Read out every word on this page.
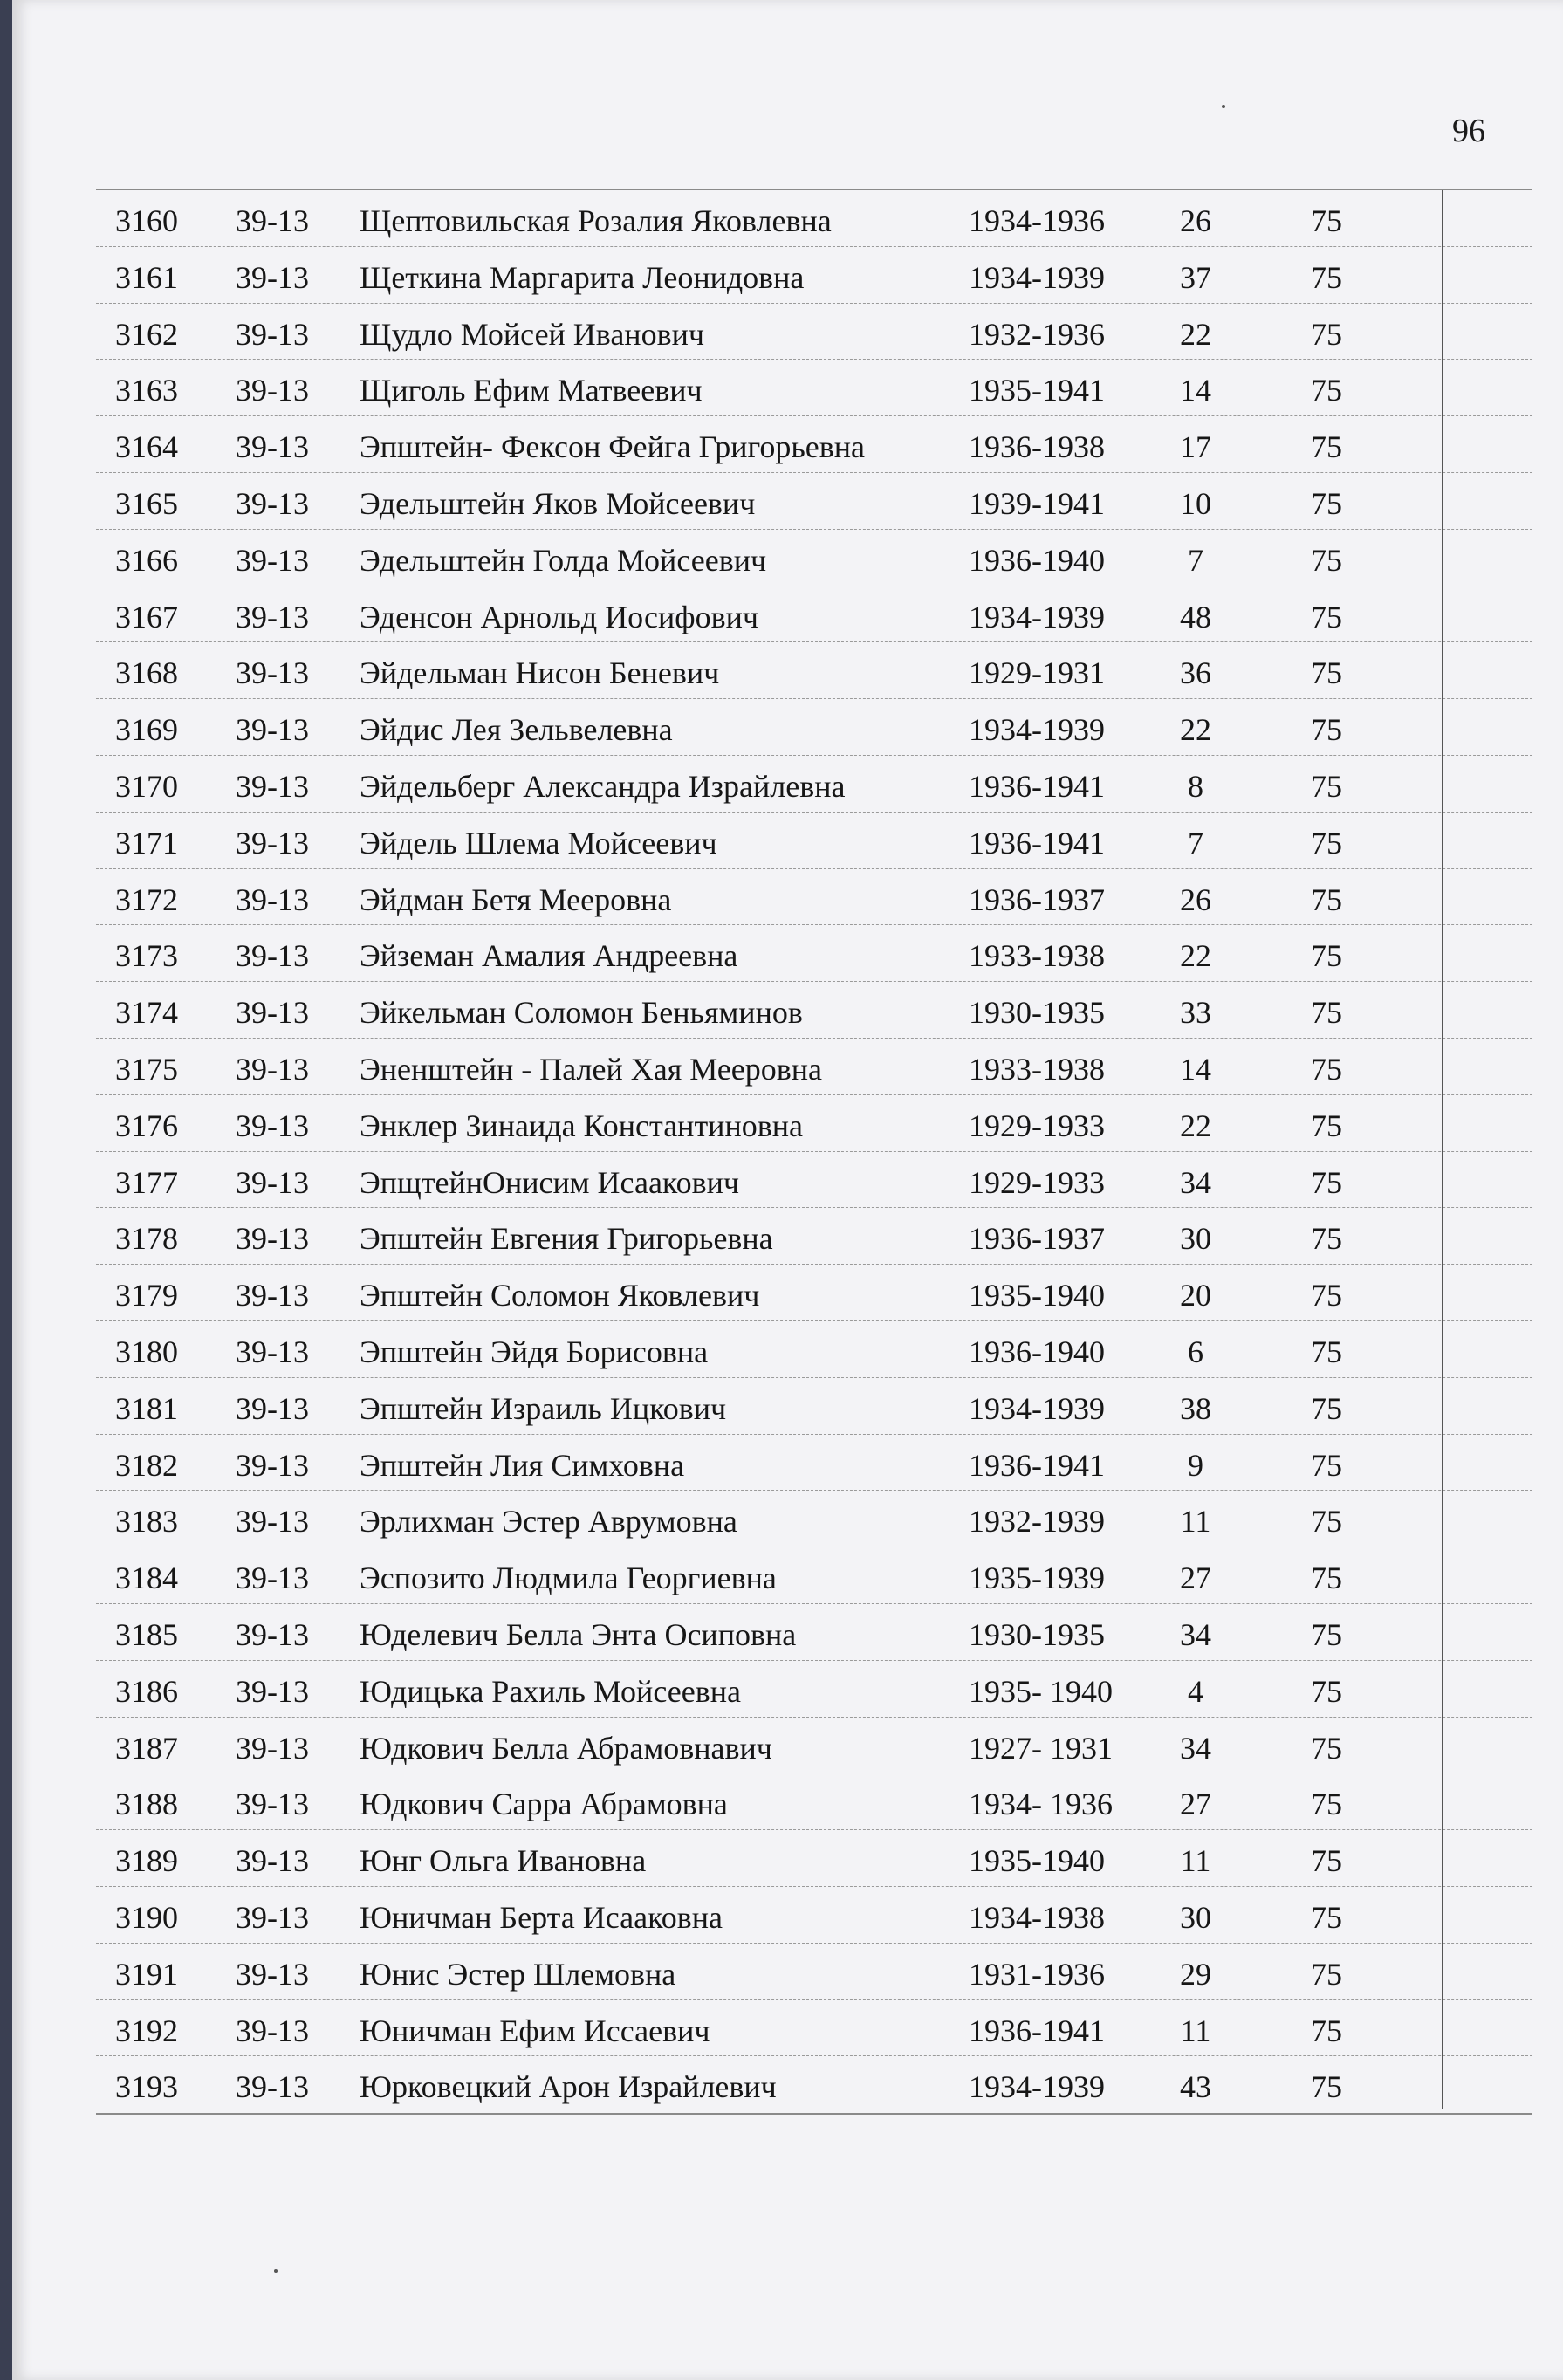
96
3160 39-13 Щептовильская Розалия Яковлевна	1934-1936	26	75
3161 39-13 Щеткина Маргарита Леонидовна	1934-1939	37	75
3162 39-13 Щудло Мойсей Иванович	1932-1936	22	75
3163 39-13 Щиголь Ефим Матвеевич	1935-1941	14	75
3164 39-13 Эпштейн- Фексон Фейга Григорьевна	1936-1938	17	75
3165 39-13 Эдельштейн Яков Мойсеевич	1939-1941	10	75
3166 39-13 Эдельштейн Голда Мойсеевич	1936-1940	7	75
3167 39-13 Эденсон Арнольд Иосифович	1934-1939	48	75
3168 39-13 Эйдельман Нисон Беневич	1929-1931	36	75
3169 39-13 Эйдис Лея Зельвелевна	1934-1939	22	75
3170 39-13 Эйдельберг Александра Израйлевна	1936-1941	8	75
3171 39-13 Эйдель Шлема Мойсеевич	1936-1941	7	75
3172 39-13 Эйдман Бетя Мееровна	1936-1937	26	75
3173 39-13 Эйземан Амалия Андреевна	1933-1938	22	75
3174 39-13 Эйкельман Соломон Беньяминов	1930-1935	33	75
3175 39-13 Эненштейн - Палей Хая Мееровна	1933-1938	14	75
3176 39-13 Энклер Зинаида Константиновна	1929-1933	22	75
3177 39-13 ЭпщтейнОнисим Исаакович	1929-1933	34	75
3178 39-13 Эпштейн Евгения Григорьевна	1936-1937	30	75
3179 39-13 Эпштейн Соломон Яковлевич	1935-1940	20	75
3180 39-13 Эпштейн Эйдя Борисовна	1936-1940	6	75
3181 39-13 Эпштейн Израиль Ицкович	1934-1939	38	75
3182 39-13 Эпштейн Лия Симховна	1936-1941	9	75
3183 39-13 Эрлихман Эстер Аврумовна	1932-1939	11	75
3184 39-13 Эспозито Людмила Георгиевна	1935-1939	27	75
3185 39-13 Юделевич Белла Энта Осиповна	1930-1935	34	75
3186 39-13 Юдицька Рахиль Мойсеевна	1935- 1940	4	75
3187 39-13 Юдкович Белла Абрамовнавич	1927- 1931	34	75
3188 39-13 Юдкович Сарра Абрамовна	1934- 1936	27	75
3189 39-13 Юнг Ольга Ивановна	1935-1940	11	75
3190 39-13 Юничман Берта Исааковна	1934-1938	30	75
3191 39-13 Юнис Эстер Шлемовна	1931-1936	29	75
3192 39-13 Юничман Ефим Иссаевич	1936-1941	11	75
3193 39-13 Юрковецкий Арон Израйлевич	1934-1939	43	75
